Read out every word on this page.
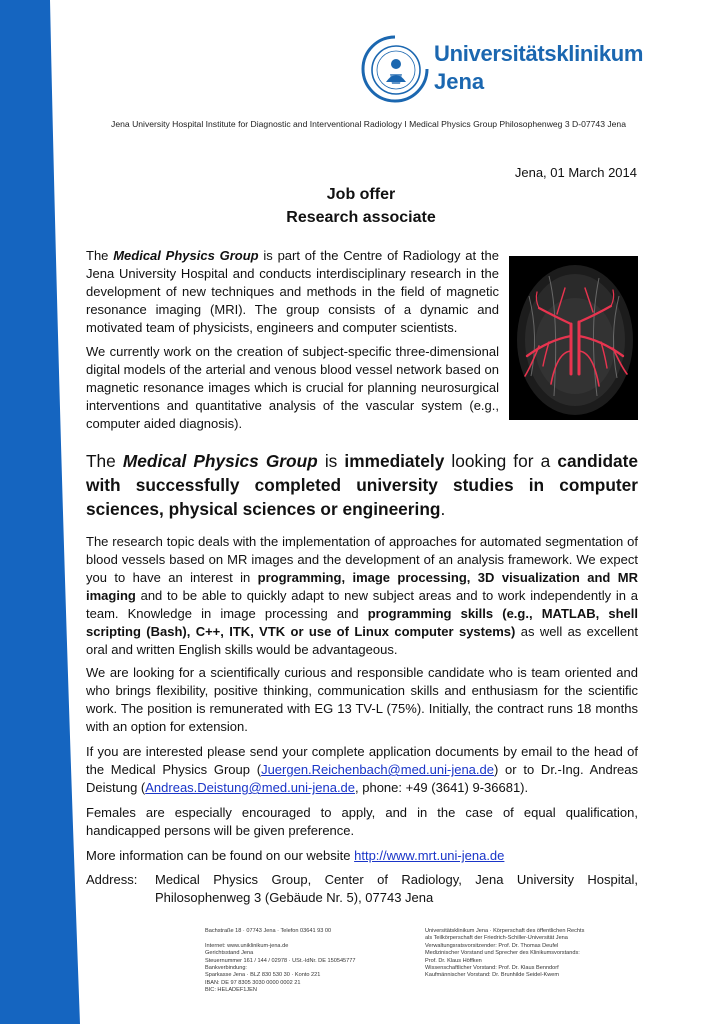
Universitätsklinikum
Jena
Jena University Hospital Institute for Diagnostic and Interventional Radiology I Medical Physics Group Philosophenweg 3 D-07743 Jena
Jena, 01 March 2014
Job offer
Research associate

The Medical Physics Group is part of the Centre of Radiology at the Jena University Hospital and conducts interdisciplinary research in the development of new techniques and methods in the field of magnetic resonance imaging (MRI). The group consists of a dynamic and motivated team of physicists, engineers and computer scientists.

We currently work on the creation of subject-specific three-dimensional digital models of the arterial and venous blood vessel network based on magnetic resonance images which is crucial for planning neurosurgical interventions and quantitative analysis of the vascular system (e.g., computer aided diagnosis).

The Medical Physics Group is immediately looking for a candidate with successfully completed university studies in computer sciences, physical sciences or engineering.

The research topic deals with the implementation of approaches for automated segmentation of blood vessels based on MR images and the development of an analysis framework. We expect you to have an interest in programming, image processing, 3D visualization and MR imaging and to be able to quickly adapt to new subject areas and to work independently in a team. Knowledge in image processing and programming skills (e.g., MATLAB, shell scripting (Bash), C++, ITK, VTK or use of Linux computer systems) as well as excellent oral and written English skills would be advantageous.

We are looking for a scientifically curious and responsible candidate who is team oriented and who brings flexibility, positive thinking, communication skills and enthusiasm for the scientific work. The position is remunerated with EG 13 TV-L (75%). Initially, the contract runs 18 months with an option for extension.

If you are interested please send your complete application documents by email to the head of the Medical Physics Group (Juergen.Reichenbach@med.uni-jena.de) or to Dr.-Ing. Andreas Deistung (Andreas.Deistung@med.uni-jena.de, phone: +49 (3641) 9-36681).

Females are especially encouraged to apply, and in the case of equal qualification, handicapped persons will be given preference.

More information can be found on our website http://www.mrt.uni-jena.de

Address: Medical Physics Group, Center of Radiology, Jena University Hospital, Philosophenweg 3 (Gebäude Nr. 5), 07743 Jena
Bachstraße 18 · 07743 Jena · Telefon 03641 93 00

Internet: www.uniklinikum-jena.de
Gerichtsstand Jena
Steuernummer 161 / 144 / 02978 · USt.-IdNr. DE 150545777
Bankverbindung:
Sparkasse Jena · BLZ 830 530 30 · Konto 221
IBAN: DE 97 8305 3030 0000 0002 21
BIC: HELADEF1JEN
Universitätsklinikum Jena · Körperschaft des öffentlichen Rechts
als Teilkörperschaft der Friedrich-Schiller-Universität Jena
Verwaltungsratsvorsitzender: Prof. Dr. Thomas Deufel
Medizinischer Vorstand und Sprecher des Klinikumsvorstands:
Prof. Dr. Klaus Höffken
Wissenschaftlicher Vorstand: Prof. Dr. Klaus Benndorf
Kaufmännischer Vorstand: Dr. Brunhilde Seidel-Kwem
